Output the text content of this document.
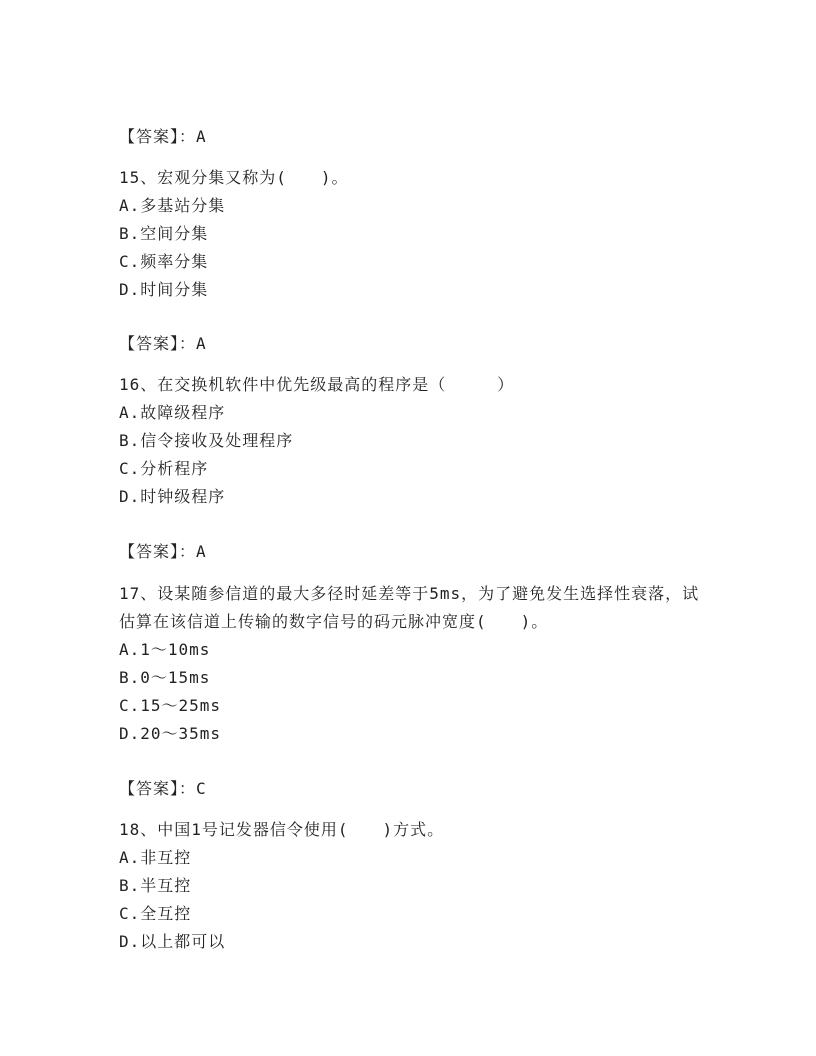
【答案】：A

15、宏观分集又称为(　　)。

A.多基站分集

B.空间分集

C.频率分集

D.时间分集

【答案】：A

16、在交换机软件中优先级最高的程序是（　　　）

A.故障级程序

B.信令接收及处理程序

C.分析程序

D.时钟级程序

【答案】：A

17、设某随参信道的最大多径时延差等于5ms，为了避免发生选择性衰落，试估算在该信道上传输的数字信号的码元脉冲宽度(　　)。

A.1～10ms

B.0～15ms

C.15～25ms

D.20～35ms

【答案】：C

18、中国1号记发器信令使用(　　)方式。

A.非互控

B.半互控

C.全互控

D.以上都可以
